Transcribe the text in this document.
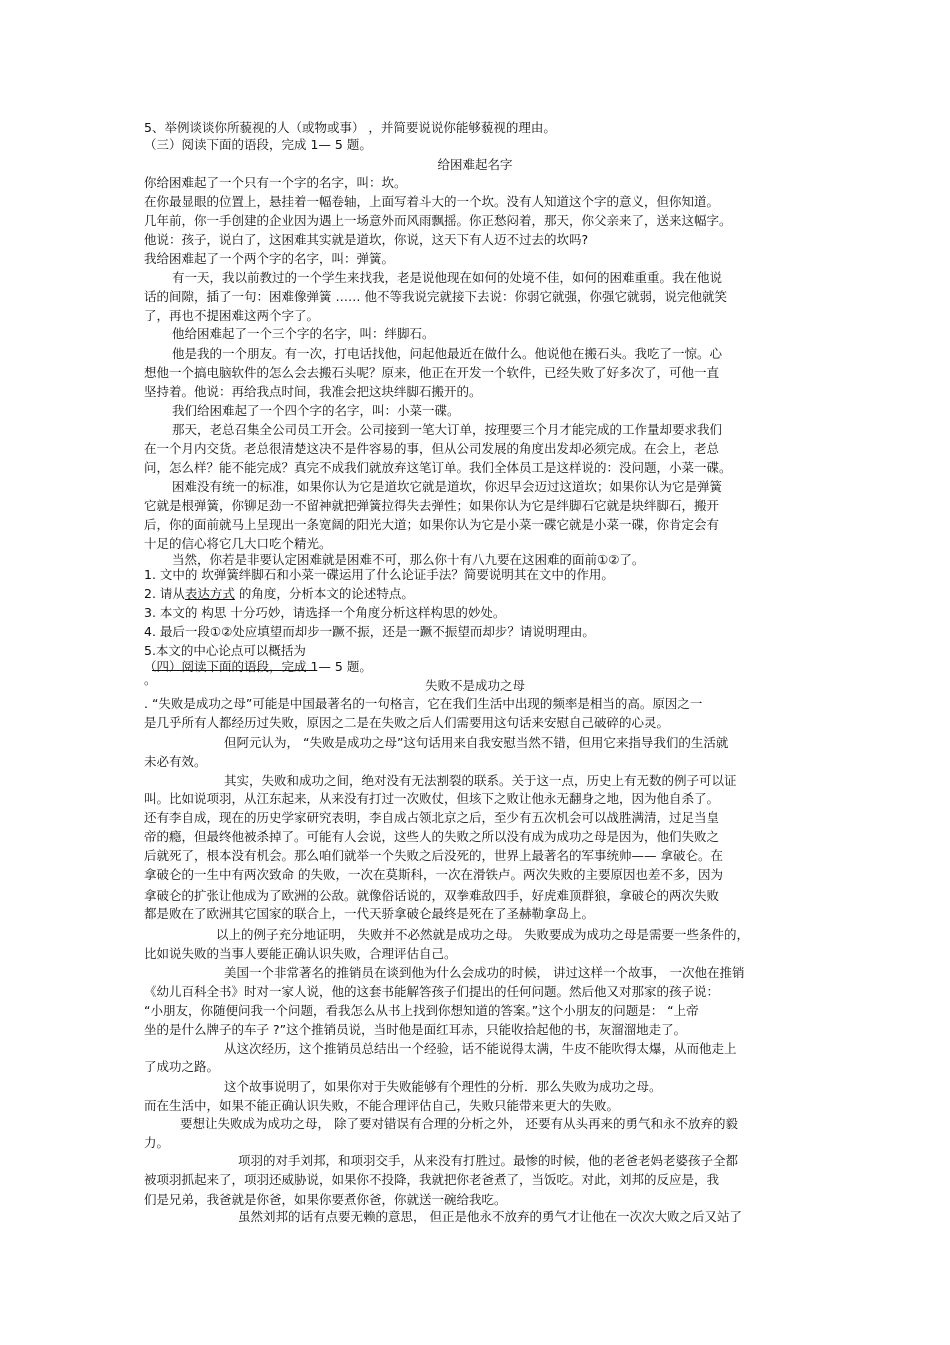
5、举例谈谈你所藐视的人（或物或事） ，并简要说说你能够藐视的理由。
（三）阅读下面的语段，完成 1— 5 题。
给困难起名字
你给困难起了一个只有一个字的名字，叫：坎。
在你最显眼的位置上，悬挂着一幅卷轴，上面写着斗大的一个坎。没有人知道这个字的意义，但你知道。
几年前，你一手创建的企业因为遇上一场意外而风雨飘摇。你正愁闷着，那天，你父亲来了，送来这幅字。
他说：孩子，说白了，这困难其实就是道坎，你说，这天下有人迈不过去的坎吗?
我给困难起了一个两个字的名字，叫：弹簧。
有一天，我以前教过的一个学生来找我，老是说他现在如何的处境不佳，如何的困难重重。我在他说
话的间隙，插了一句：困难像弹簧 …… 他不等我说完就接下去说：你弱它就强，你强它就弱，说完他就笑
了，再也不提困难这两个字了。
他给困难起了一个三个字的名字，叫：绊脚石。
他是我的一个朋友。有一次，打电话找他，问起他最近在做什么。他说他在搬石头。我吃了一惊。心
想他一个搞电脑软件的怎么会去搬石头呢？原来，他正在开发一个软件，已经失败了好多次了，可他一直
坚持着。他说：再给我点时间，我准会把这块绊脚石搬开的。
我们给困难起了一个四个字的名字，叫：小菜一碟。
那天，老总召集全公司员工开会。公司接到一笔大订单，按理要三个月才能完成的工作量却要求我们
在一个月内交货。老总很清楚这决不是件容易的事，但从公司发展的角度出发却必须完成。在会上，老总
问，怎么样？能不能完成？真完不成我们就放弃这笔订单。我们全体员工是这样说的：没问题，小菜一碟。
困难没有统一的标准，如果你认为它是道坎它就是道坎，你迟早会迈过这道坎；如果你认为它是弹簧
它就是根弹簧，你铆足劲一不留神就把弹簧拉得失去弹性；如果你认为它是绊脚石它就是块绊脚石，搬开
后，你的面前就马上呈现出一条宽阔的阳光大道；如果你认为它是小菜一碟它就是小菜一碟，你肯定会有
十足的信心将它几大口吃个精光。
当然，你若是非要认定困难就是困难不可，那么你十有八九要在这困难的面前①②了。
1. 文中的 坎弹簧绊脚石和小菜一碟运用了什么论证手法？简要说明其在文中的作用。
2. 请从表达方式 的角度，分析本文的论述特点。
3. 本文的 构思 十分巧妙，请选择一个角度分析这样构思的妙处。
4. 最后一段①②处应填望而却步一蹶不振，还是一蹶不振望而却步？请说明理由。
5.本文的中心论点可以概括为
。
（四）阅读下面的语段，完成 1— 5 题。
失败不是成功之母
. “失败是成功之母”可能是中国最著名的一句格言，它在我们生活中出现的频率是相当的高。原因之一
是几乎所有人都经历过失败，原因之二是在失败之后人们需要用这句话来安慰自己破碎的心灵。
但阿元认为， “失败是成功之母”这句话用来自我安慰当然不错，但用它来指导我们的生活就
未必有效。
其实，失败和成功之间，绝对没有无法割裂的联系。关于这一点，历史上有无数的例子可以证
叫。比如说项羽，从江东起来，从来没有打过一次败仗，但垓下之败让他永无翻身之地，因为他自杀了。
还有李自成，现在的历史学家研究表明，李自成占领北京之后，至少有五次机会可以战胜满清，过足当皇
帝的瘾，但最终他被杀掉了。可能有人会说，这些人的失败之所以没有成为成功之母是因为，他们失败之
后就死了，根本没有机会。那么咱们就举一个失败之后没死的，世界上最著名的军事统帅—— 拿破仑。在
拿破仑的一生中有两次致命 的失败，一次在莫斯科，一次在滑铁卢。两次失败的主要原因也差不多，因为
拿破仑的扩张让他成为了欧洲的公敌。就像俗话说的，双拳难敌四手，好虎难顶群狼，拿破仑的两次失败
都是败在了欧洲其它国家的联合上，一代天骄拿破仑最终是死在了圣赫勒拿岛上。
以上的例子充分地证明， 失败并不必然就是成功之母。 失败要成为成功之母是需要一些条件的，
比如说失败的当事人要能正确认识失败，合理评估自己。
美国一个非常著名的推销员在谈到他为什么会成功的时候， 讲过这样一个故事， 一次他在推销
《幼儿百科全书》时对一家人说，他的这套书能解答孩子们提出的任何问题。然后他又对那家的孩子说：
“小朋友，你随便问我一个问题，看我怎么从书上找到你想知道的答案。”这个小朋友的问题是： “上帝
坐的是什么牌子的车子 ?”这个推销员说，当时他是面红耳赤，只能收拾起他的书，灰溜溜地走了。
从这次经历，这个推销员总结出一个经验，话不能说得太满，牛皮不能吹得太爆，从而他走上
了成功之路。
这个故事说明了，如果你对于失败能够有个理性的分析．那么失败为成功之母。
而在生活中，如果不能正确认识失败，不能合理评估自己，失败只能带来更大的失败。
要想让失败成为成功之母， 除了要对错误有合理的分析之外， 还要有从头再来的勇气和永不放弃的毅
力。
项羽的对手刘邦，和项羽交手，从来没有打胜过。最惨的时候，他的老爸老妈老婆孩子全都
被项羽抓起来了，项羽还威胁说，如果你不投降，我就把你老爸煮了，当饭吃。对此，刘邦的反应是，我
们是兄弟，我爸就是你爸，如果你要煮你爸，你就送一碗给我吃。
虽然刘邦的话有点要无赖的意思， 但正是他永不放弃的勇气才让他在一次次大败之后又站了
